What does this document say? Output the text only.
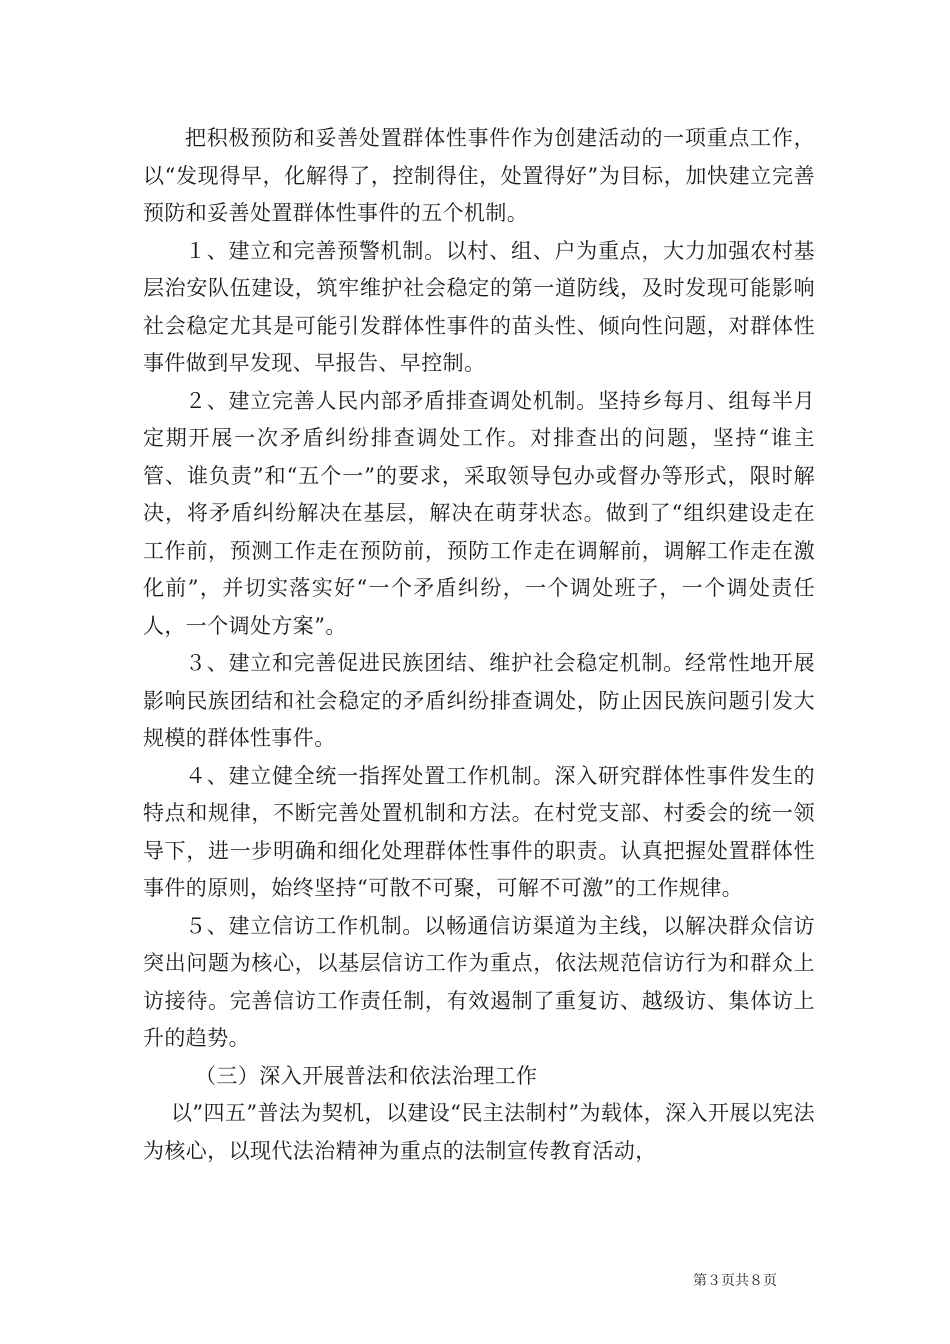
把积极预防和妥善处置群体性事件作为创建活动的一项重点工作，以“发现得早，化解得了，控制得住，处置得好”为目标，加快建立完善预防和妥善处置群体性事件的五个机制。

１、建立和完善预警机制。以村、组、户为重点，大力加强农村基层治安队伍建设，筑牢维护社会稳定的第一道防线，及时发现可能影响社会稳定尤其是可能引发群体性事件的苗头性、倾向性问题，对群体性事件做到早发现、早报告、早控制。

２、建立完善人民内部矛盾排查调处机制。坚持乡每月、组每半月定期开展一次矛盾纠纷排查调处工作。对排查出的问题，坚持“谁主管、谁负责”和“五个一”的要求，采取领导包办或督办等形式，限时解决，将矛盾纠纷解决在基层，解决在萌芽状态。做到了“组织建设走在工作前，预测工作走在预防前，预防工作走在调解前，调解工作走在激化前”，并切实落实好“一个矛盾纠纷，一个调处班子，一个调处责任人，一个调处方案”。

３、建立和完善促进民族团结、维护社会稳定机制。经常性地开展影响民族团结和社会稳定的矛盾纠纷排查调处，防止因民族问题引发大规模的群体性事件。

４、建立健全统一指挥处置工作机制。深入研究群体性事件发生的特点和规律，不断完善处置机制和方法。在村党支部、村委会的统一领导下，进一步明确和细化处理群体性事件的职责。认真把握处置群体性事件的原则，始终坚持“可散不可聚，可解不可激”的工作规律。

５、建立信访工作机制。以畅通信访渠道为主线，以解决群众信访突出问题为核心，以基层信访工作为重点，依法规范信访行为和群众上访接待。完善信访工作责任制，有效遏制了重复访、越级访、集体访上升的趋势。

（三）深入开展普法和依法治理工作

以”四五”普法为契机，以建设“民主法制村”为载体，深入开展以宪法为核心，以现代法治精神为重点的法制宣传教育活动，

第３页共８页
